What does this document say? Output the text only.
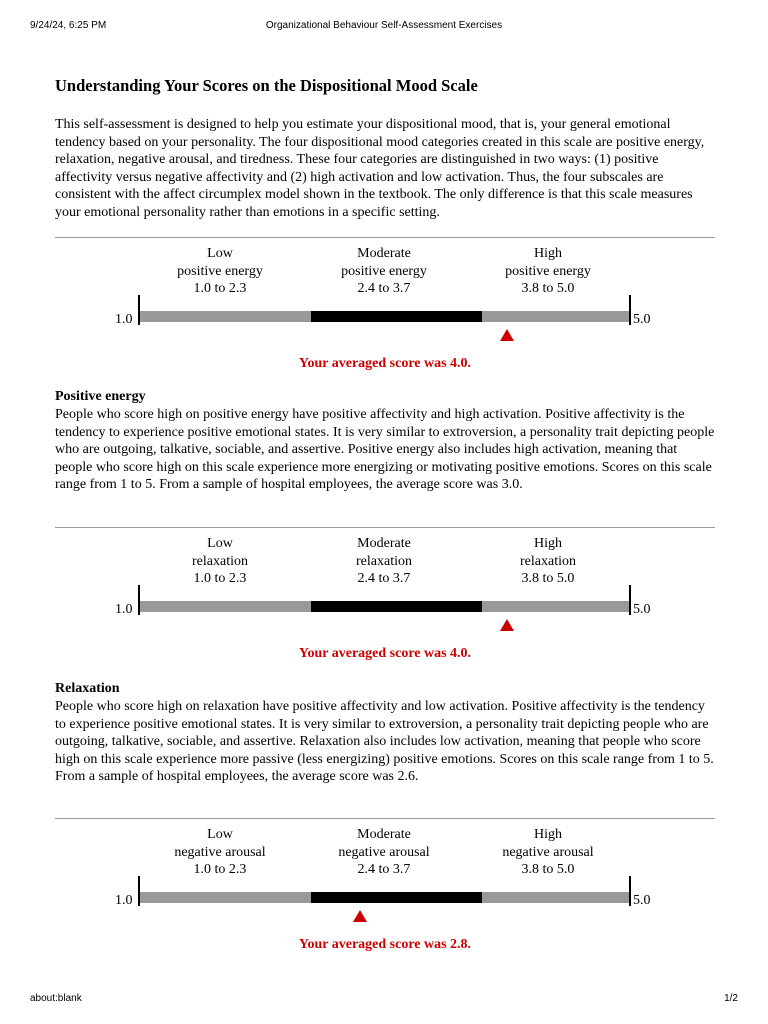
9/24/24, 6:25 PM	Organizational Behaviour Self-Assessment Exercises
Understanding Your Scores on the Dispositional Mood Scale

This self-assessment is designed to help you estimate your dispositional mood, that is, your general emotional tendency based on your personality. The four dispositional mood categories created in this scale are positive energy, relaxation, negative arousal, and tiredness. These four categories are distinguished in two ways: (1) positive affectivity versus negative affectivity and (2) high activation and low activation. Thus, the four subscales are consistent with the affect circumplex model shown in the textbook. The only difference is that this scale measures your emotional personality rather than emotions in a specific setting.

Low
positive energy
1.0 to 2.3
Moderate
positive energy
2.4 to 3.7
High
positive energy
3.8 to 5.0
1.0	5.0
Your averaged score was 4.0.
Positive energy

People who score high on positive energy have positive affectivity and high activation. Positive affectivity is the tendency to experience positive emotional states. It is very similar to extroversion, a personality trait depicting people who are outgoing, talkative, sociable, and assertive. Positive energy also includes high activation, meaning that people who score high on this scale experience more energizing or motivating positive emotions. Scores on this scale range from 1 to 5. From a sample of hospital employees, the average score was 3.0.

Low
relaxation
1.0 to 2.3
Moderate
relaxation
2.4 to 3.7
High
relaxation
3.8 to 5.0
1.0	5.0
Your averaged score was 4.0.
Relaxation

People who score high on relaxation have positive affectivity and low activation. Positive affectivity is the tendency to experience positive emotional states. It is very similar to extroversion, a personality trait depicting people who are outgoing, talkative, sociable, and assertive. Relaxation also includes low activation, meaning that people who score high on this scale experience more passive (less energizing) positive emotions. Scores on this scale range from 1 to 5. From a sample of hospital employees, the average score was 2.6.

Low
negative arousal
1.0 to 2.3
Moderate
negative arousal
2.4 to 3.7
High
negative arousal
3.8 to 5.0
1.0	5.0
Your averaged score was 2.8.
about:blank	1/2
